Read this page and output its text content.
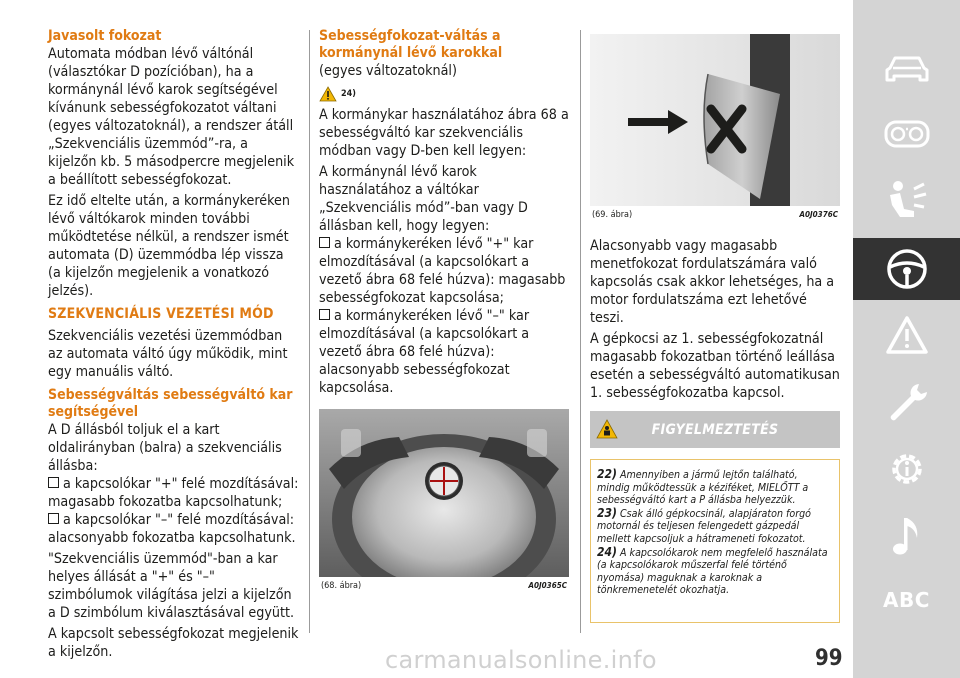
Javasolt fokozat
Automata módban lévő váltónál (választókar D pozícióban), ha a kormánynál lévő karok segítségével kívánunk sebességfokozatot váltani (egyes változatoknál), a rendszer átáll „Szekvenciális üzemmód”-ra, a kijelzőn kb. 5 másodpercre megjelenik a beállított sebességfokozat.
Ez idő eltelte után, a kormánykeréken lévő váltókarok minden további működtetése nélkül, a rendszer ismét automata (D) üzemmódba lép vissza (a kijelzőn megjelenik a vonatkozó jelzés).
SZEKVENCIÁLIS VEZETÉSI MÓD
Szekvenciális vezetési üzemmódban az automata váltó úgy működik, mint egy manuális váltó.
Sebességváltás sebességváltó kar segítségével
A D állásból toljuk el a kart oldalirányban (balra) a szekvenciális állásba:
a kapcsolókar "+" felé mozdításával: magasabb fokozatba kapcsolhatunk;
a kapcsolókar "–" felé mozdításával: alacsonyabb fokozatba kapcsolhatunk.
"Szekvenciális üzemmód"-ban a kar helyes állását a "+" és "–" szimbólumok világítása jelzi a kijelzőn a D szimbólum kiválasztásával együtt.
A kapcsolt sebességfokozat megjelenik a kijelzőn.
Sebességfokozat-váltás a kormánynál lévő karokkal
(egyes változatoknál)
24)
A kormánykar használatához ábra 68 a sebességváltó kar szekvenciális módban vagy D-ben kell legyen:
A kormánynál lévő karok használatához a váltókar „Szekvenciális mód”-ban vagy D állásban kell, hogy legyen:
a kormánykeréken lévő "+" kar elmozdításával (a kapcsolókart a vezető ábra 68 felé húzva): magasabb sebességfokozat kapcsolása;
a kormánykeréken lévő "–" kar elmozdításával (a kapcsolókart a vezető ábra 68 felé húzva): alacsonyabb sebességfokozat kapcsolása.
(68. ábra)	A0J0365C
(69. ábra)	A0J0376C
Alacsonyabb vagy magasabb menetfokozat fordulatszámára való kapcsolás csak akkor lehetséges, ha a motor fordulatszáma ezt lehetővé teszi.
A gépkocsi az 1. sebességfokozatnál magasabb fokozatban történő leállása esetén a sebességváltó automatikusan 1. sebességfokozatba kapcsol.
FIGYELMEZTETÉS
22) Amennyiben a jármű lejtőn található, mindig működtessük a kéziféket, MIELŐTT a sebességváltó kart a P állásba helyezzük.
23) Csak álló gépkocsinál, alapjáraton forgó motornál és teljesen felengedett gázpedál mellett kapcsoljuk a hátrameneti fokozatot.
24) A kapcsolókarok nem megfelelő használata (a kapcsolókarok műszerfal felé történő nyomása) maguknak a karoknak a tönkremenetelét okozhatja.	ABC
carmanualsonline.info	99
